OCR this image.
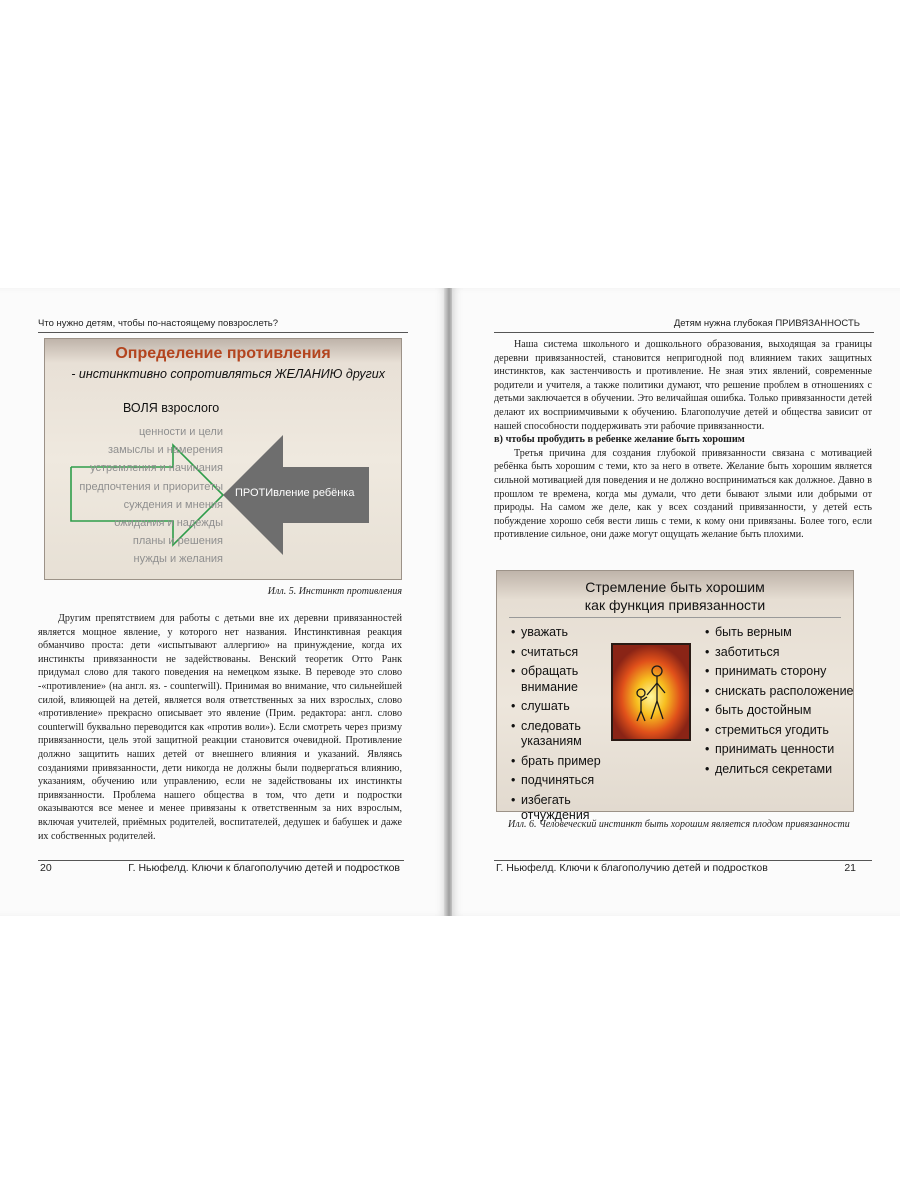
Что нужно детям, чтобы по-настоящему повзрослеть?
Определение противления
- инстинктивно сопротивляться ЖЕЛАНИЮ других
ВОЛЯ взрослого
ценности и цели
замыслы и намерения
устремления и начинания
предпочтения и приоритеты
суждения и мнения
ожидания и надежды
планы и решения
нужды и желания
ПРОТИвление ребёнка
Илл. 5. Инстинкт противления

Другим препятствием для работы с детьми вне их деревни привязанностей является мощное явление, у которого нет названия. Инстинктивная реакция обманчиво проста: дети «испытывают аллергию» на принуждение, когда их инстинкты привязанности не задействованы. Венский теоретик Отто Ранк придумал слово для такого поведения на немецком языке. В переводе это слово -«противление» (на англ. яз. - counterwill). Принимая во внимание, что сильнейшей силой, влияющей на детей, является воля ответственных за них взрослых, слово «противление» прекрасно описывает это явление (Прим. редактора: англ. слово counterwill буквально переводится как «против воли»). Если смотреть через призму привязанности, цель этой защитной реакции становится очевидной. Противление должно защитить наших детей от внешнего влияния и указаний. Являясь созданиями привязанности, дети никогда не должны были подвергаться влиянию, указаниям, обучению или управлению, если не задействованы их инстинкты привязанности. Проблема нашего общества в том, что дети и подростки оказываются все менее и менее привязаны к ответственным за них взрослым, включая учителей, приёмных родителей, воспитателей, дедушек и бабушек и даже их собственных родителей.

20	Г. Ньюфелд. Ключи к благополучию детей и подростков
Детям нужна глубокая ПРИВЯЗАННОСТЬ

Наша система школьного и дошкольного образования, выходящая за границы деревни привязанностей, становится непригодной под влиянием таких защитных инстинктов, как застенчивость и противление. Не зная этих явлений, современные родители и учителя, а также политики думают, что решение проблем в отношениях с детьми заключается в обучении. Это величайшая ошибка. Только привязанности детей делают их восприимчивыми к обучению. Благополучие детей и общества зависит от нашей способности поддерживать эти рабочие привязанности.

в) чтобы пробудить в ребенке желание быть хорошим

Третья причина для создания глубокой привязанности связана с мотивацией ребёнка быть хорошим с теми, кто за него в ответе. Желание быть хорошим является сильной мотивацией для поведения и не должно восприниматься как должное. Давно в прошлом те времена, когда мы думали, что дети бывают злыми или добрыми от природы. На самом же деле, как у всех созданий привязанности, у детей есть побуждение хорошо себя вести лишь с теми, к кому они привязаны. Более того, если противление сильное, они даже могут ощущать желание быть плохими.

Стремление быть хорошим
как функция привязанности
• уважать
• считаться
• обращать внимание
• слушать
• следовать указаниям
• брать пример
• подчиняться
• избегать отчуждения
• быть верным
• заботиться
• принимать сторону
• снискать расположение
• быть достойным
• стремиться угодить
• принимать ценности
• делиться секретами
Илл. 6. Человеческий инстинкт быть хорошим является плодом привязанности
Г. Ньюфелд. Ключи к благополучию детей и подростков	21
